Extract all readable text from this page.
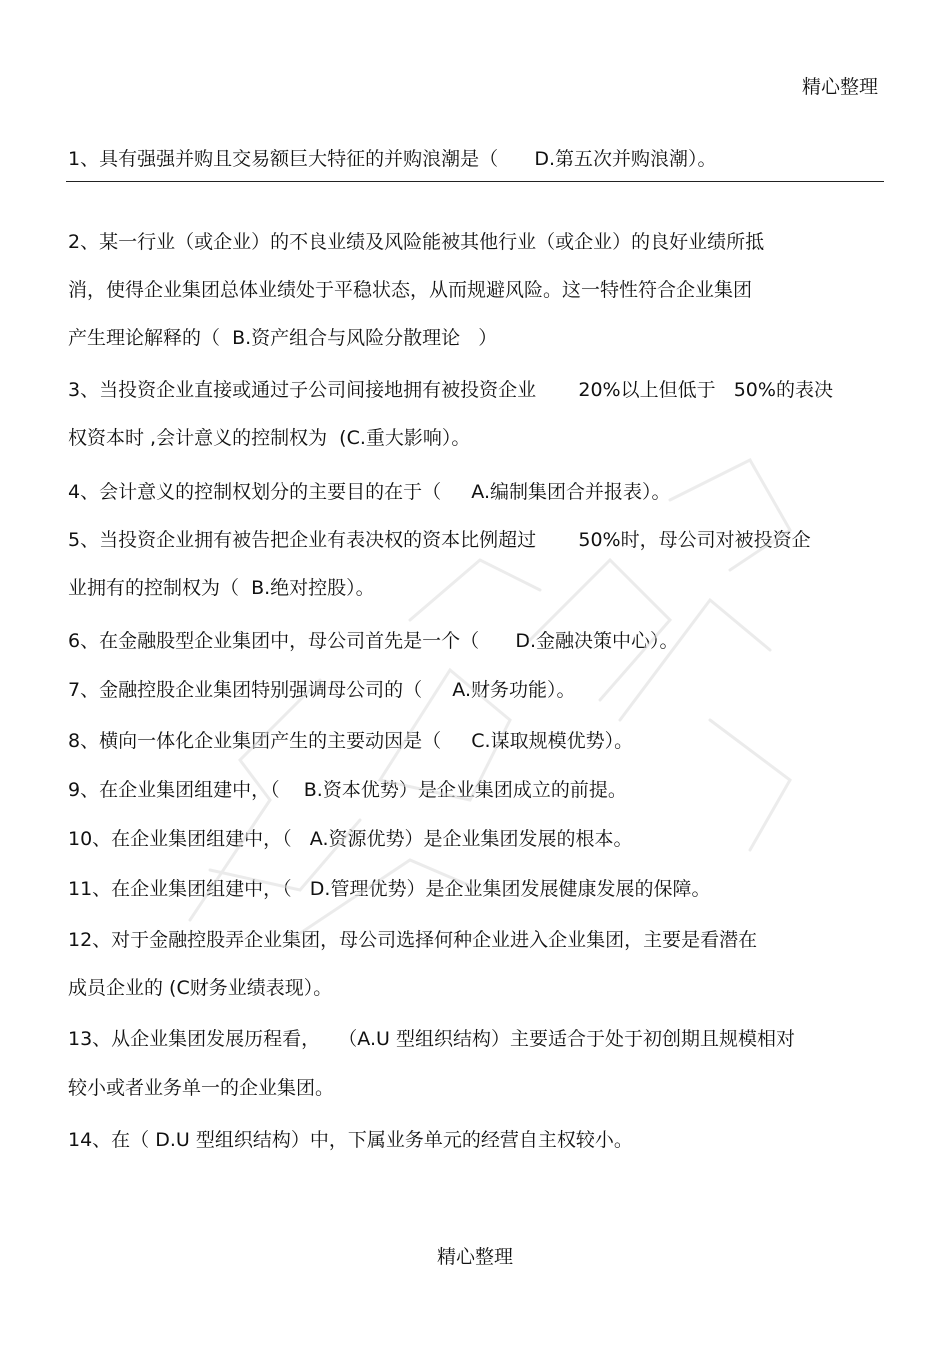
精心整理
1、具有强强并购且交易额巨大特征的并购浪潮是（      D.第五次并购浪潮）。
2、某一行业（或企业）的不良业绩及风险能被其他行业（或企业）的良好业绩所抵
消，使得企业集团总体业绩处于平稳状态，从而规避风险。这一特性符合企业集团
产生理论解释的（  B.资产组合与风险分散理论   ）
3、当投资企业直接或通过子公司间接地拥有被投资企业       20%以上但低于   50%的表决
权资本时 ,会计意义的控制权为  (C.重大影响）。
4、会计意义的控制权划分的主要目的在于（     A.编制集团合并报表）。
5、当投资企业拥有被告把企业有表决权的资本比例超过       50%时，母公司对被投资企
业拥有的控制权为（  B.绝对控股）。
6、在金融股型企业集团中，母公司首先是一个（      D.金融决策中心）。
7、金融控股企业集团特别强调母公司的（     A.财务功能）。
8、横向一体化企业集团产生的主要动因是（     C.谋取规模优势）。
9、在企业集团组建中，（    B.资本优势）是企业集团成立的前提。
10、在企业集团组建中，（   A.资源优势）是企业集团发展的根本。
11、在企业集团组建中，（   D.管理优势）是企业集团发展健康发展的保障。
12、对于金融控股弄企业集团，母公司选择何种企业进入企业集团，主要是看潜在
成员企业的 (C财务业绩表现）。
13、从企业集团发展历程看，   （A.U 型组织结构）主要适合于处于初创期且规模相对
较小或者业务单一的企业集团。
14、在（ D.U 型组织结构）中，下属业务单元的经营自主权较小。
精心整理
